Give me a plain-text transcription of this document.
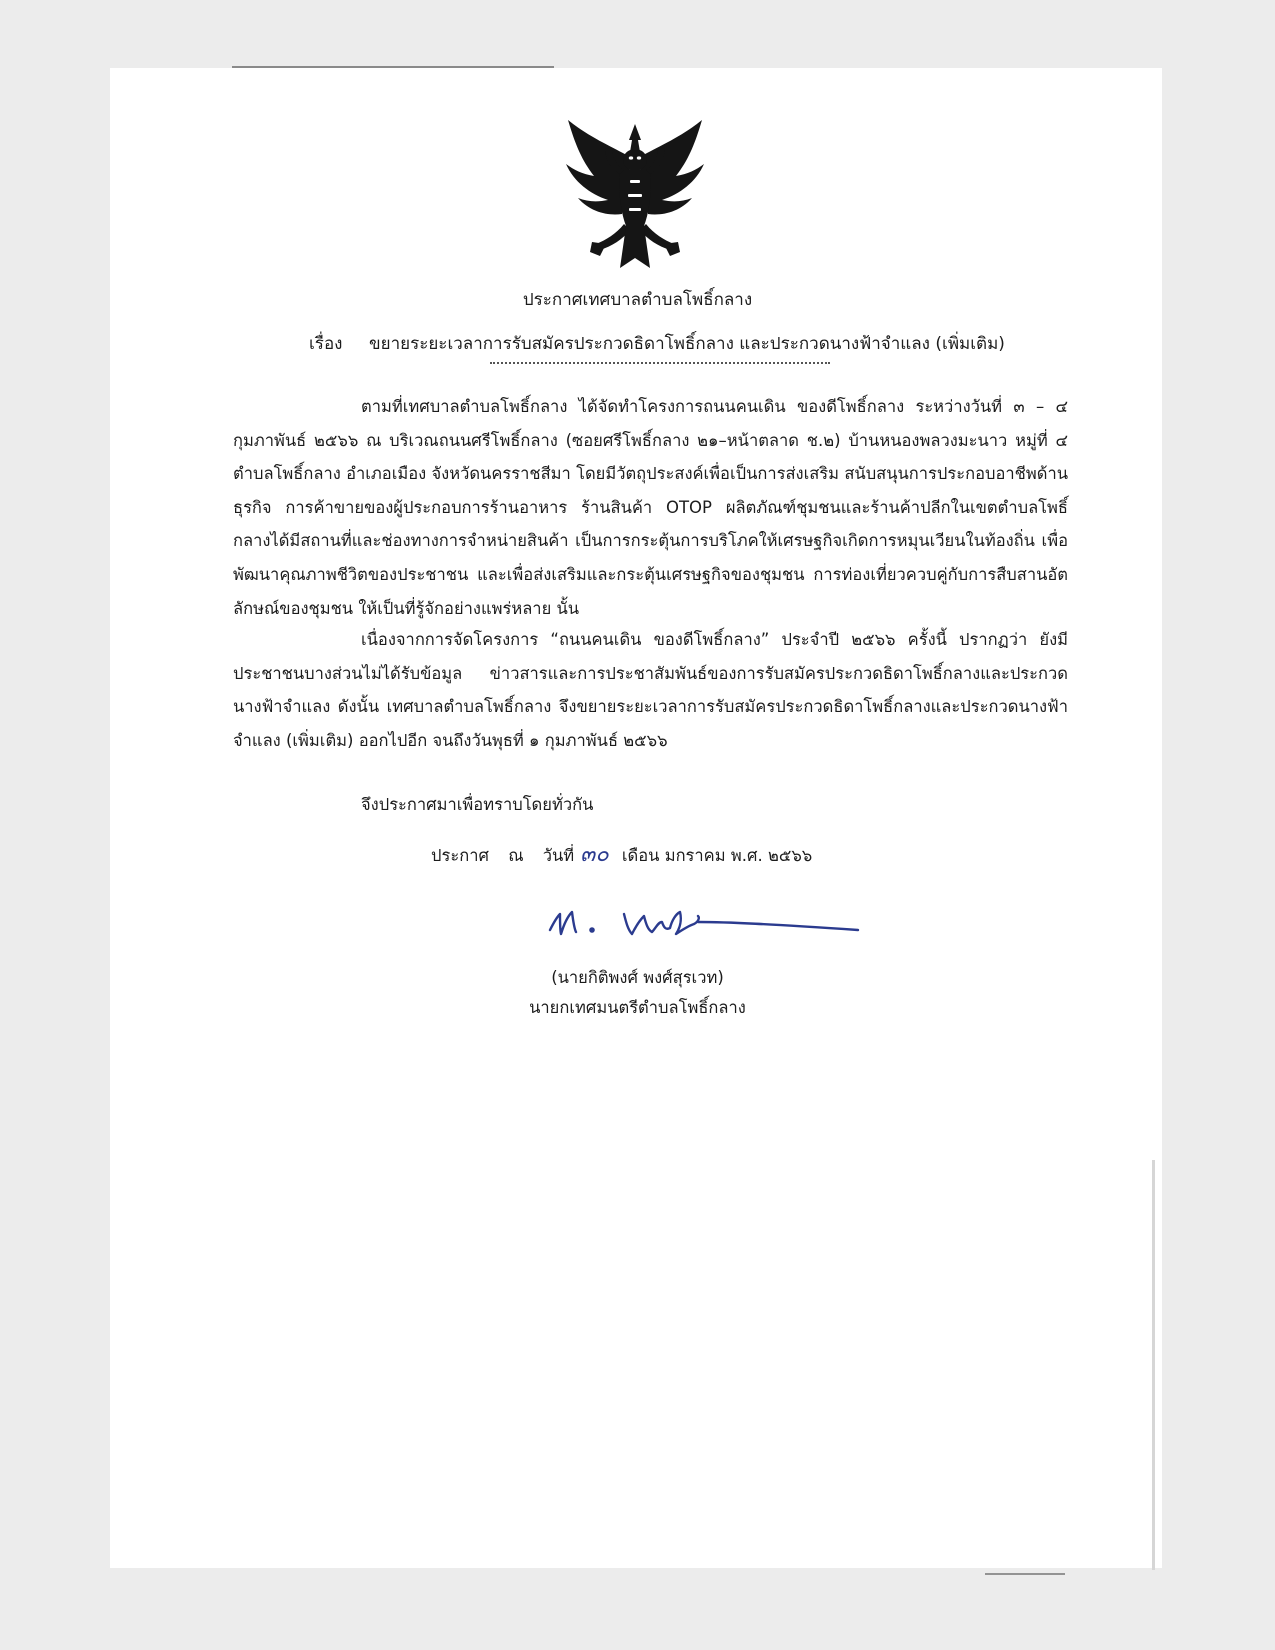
ประกาศเทศบาลตำบลโพธิ์กลาง
เรื่อง ขยายระยะเวลาการรับสมัครประกวดธิดาโพธิ์กลาง และประกวดนางฟ้าจำแลง (เพิ่มเติม)
ตามที่เทศบาลตำบลโพธิ์กลาง ได้จัดทำโครงการถนนคนเดิน ของดีโพธิ์กลาง ระหว่างวันที่ ๓ – ๔ กุมภาพันธ์ ๒๕๖๖ ณ บริเวณถนนศรีโพธิ์กลาง (ซอยศรีโพธิ์กลาง ๒๑–หน้าตลาด ช.๒) บ้านหนองพลวงมะนาว หมู่ที่ ๔ ตำบลโพธิ์กลาง อำเภอเมือง จังหวัดนครราชสีมา โดยมีวัตถุประสงค์เพื่อเป็นการส่งเสริม สนับสนุนการประกอบอาชีพด้านธุรกิจ การค้าขายของผู้ประกอบการร้านอาหาร ร้านสินค้า OTOP ผลิตภัณฑ์ชุมชนและร้านค้าปลีกในเขตตำบลโพธิ์กลางได้มีสถานที่และช่องทางการจำหน่ายสินค้า เป็นการกระตุ้นการบริโภคให้เศรษฐกิจเกิดการหมุนเวียนในท้องถิ่น เพื่อพัฒนาคุณภาพชีวิตของประชาชน และเพื่อส่งเสริมและกระตุ้นเศรษฐกิจของชุมชน การท่องเที่ยวควบคู่กับการสืบสานอัตลักษณ์ของชุมชน ให้เป็นที่รู้จักอย่างแพร่หลาย นั้น
เนื่องจากการจัดโครงการ “ถนนคนเดิน ของดีโพธิ์กลาง” ประจำปี ๒๕๖๖ ครั้งนี้ ปรากฏว่า ยังมีประชาชนบางส่วนไม่ได้รับข้อมูล ข่าวสารและการประชาสัมพันธ์ของการรับสมัครประกวดธิดาโพธิ์กลางและประกวดนางฟ้าจำแลง ดังนั้น เทศบาลตำบลโพธิ์กลาง จึงขยายระยะเวลาการรับสมัครประกวดธิดาโพธิ์กลางและประกวดนางฟ้าจำแลง (เพิ่มเติม) ออกไปอีก จนถึงวันพุธที่ ๑ กุมภาพันธ์ ๒๕๖๖
จึงประกาศมาเพื่อทราบโดยทั่วกัน
ประกาศ ณ วันที่ ๓๐ เดือน มกราคม พ.ศ. ๒๕๖๖
(นายกิติพงศ์ พงศ์สุรเวท)
นายกเทศมนตรีตำบลโพธิ์กลาง
